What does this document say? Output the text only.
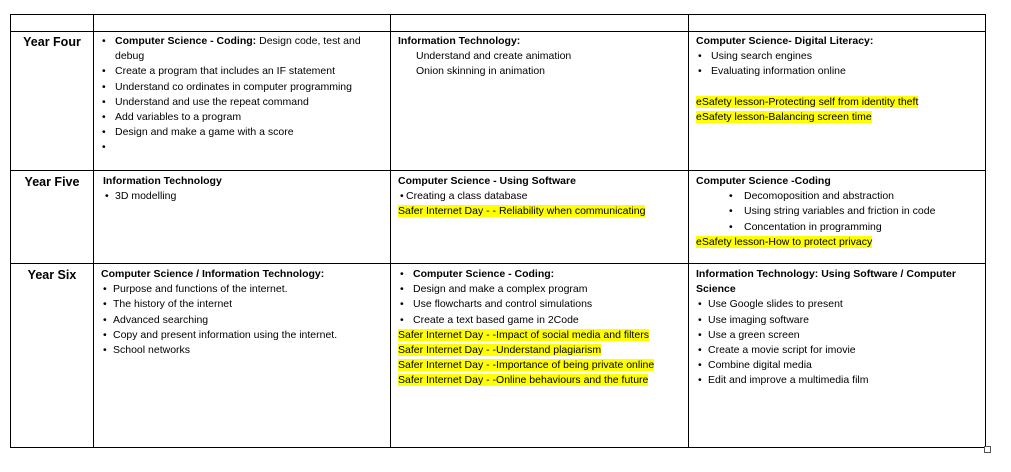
Year Four
•	Computer Science - Coding: Design code, test and
debug
• Create a program that includes an IF statement
• Understand co ordinates in computer programming
• Understand and use the repeat command
• Add variables to a program
• Design and make a game with a score
•
Information Technology:
Understand and create animation
Onion skinning in animation
Computer Science- Digital Literacy:
• Using search engines
• Evaluating information online
eSafety lesson-Protecting self from identity theft
eSafety lesson-Balancing screen time
Year Five	Information Technology
• 3D modelling
Computer Science - Using Software
• Creating a class database
Safer Internet Day - - Reliability when communicating
Computer Science -Coding
• Decomoposition and abstraction
• Using string variables and friction in code
• Concentation in programming
eSafety lesson-How to protect privacy
Year Six	Computer Science / Information Technology:
• Purpose and functions of the internet.
• The history of the internet
• Advanced searching
• Copy and present information using the internet.
• School networks
• Computer Science - Coding:
• Design and make a complex program
• Use flowcharts and control simulations
• Create a text based game in 2Code
Safer Internet Day - -Impact of social media and filters
Safer Internet Day - -Understand plagiarism
Safer Internet Day - -Importance of being private online
Safer Internet Day - -Online behaviours and the future
Information Technology: Using Software / Computer
Science
• Use Google slides to present
• Use imaging software
• Use a green screen
• Create a movie script for imovie
• Combine digital media
• Edit and improve a multimedia film
